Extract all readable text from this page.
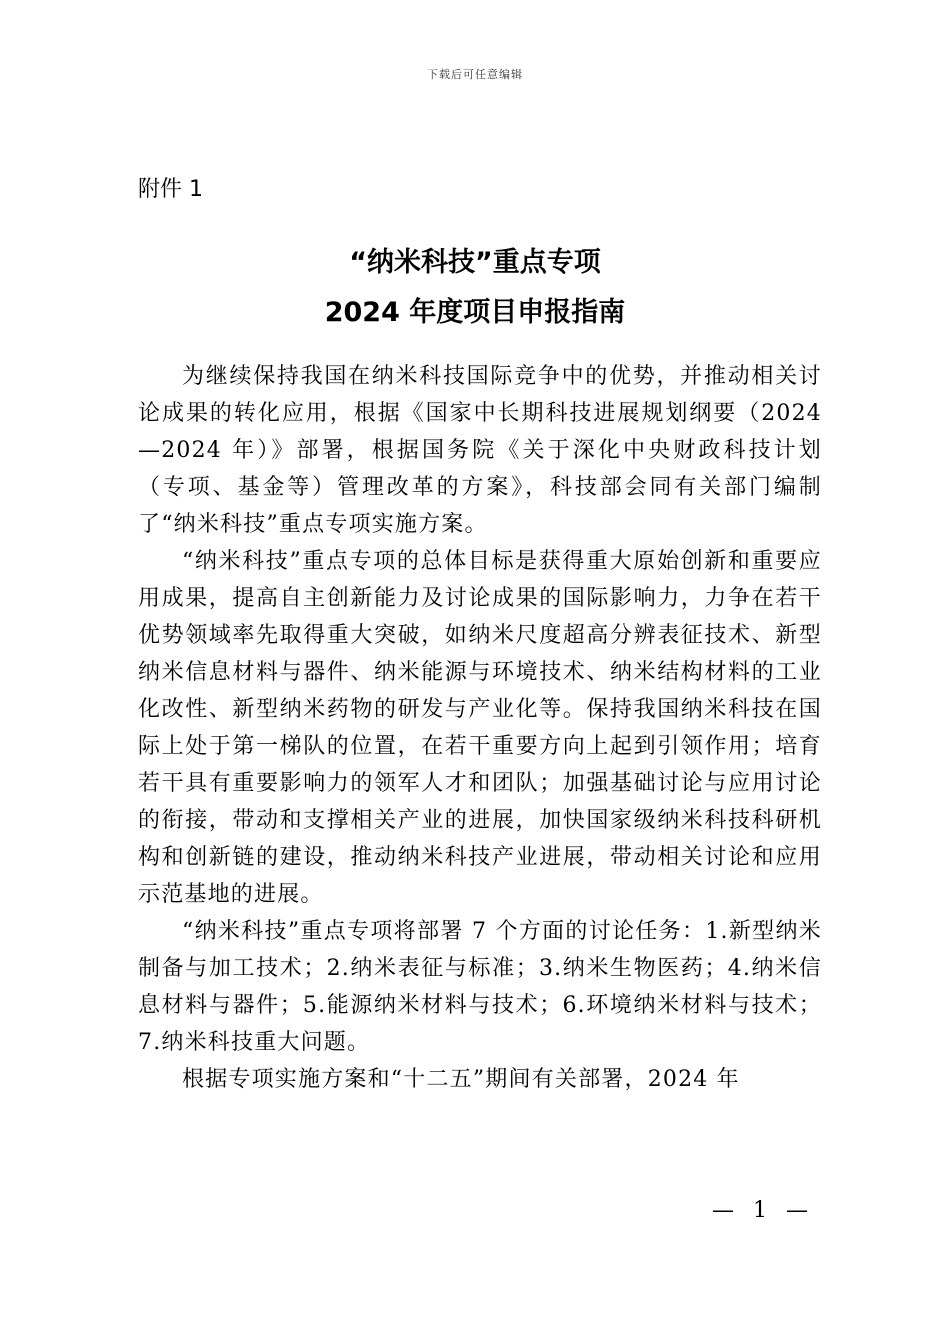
下载后可任意编辑
附件 1
“纳米科技”重点专项
2024 年度项目申报指南

为继续保持我国在纳米科技国际竞争中的优势，并推动相关讨论成果的转化应用，根据《国家中长期科技进展规划纲要（2024—2024 年）》部署，根据国务院《关于深化中央财政科技计划（专项、基金等）管理改革的方案》，科技部会同有关部门编制了“纳米科技”重点专项实施方案。

“纳米科技”重点专项的总体目标是获得重大原始创新和重要应用成果，提高自主创新能力及讨论成果的国际影响力，力争在若干优势领域率先取得重大突破，如纳米尺度超高分辨表征技术、新型纳米信息材料与器件、纳米能源与环境技术、纳米结构材料的工业化改性、新型纳米药物的研发与产业化等。保持我国纳米科技在国际上处于第一梯队的位置，在若干重要方向上起到引领作用；培育若干具有重要影响力的领军人才和团队；加强基础讨论与应用讨论的衔接，带动和支撑相关产业的进展，加快国家级纳米科技科研机构和创新链的建设，推动纳米科技产业进展，带动相关讨论和应用示范基地的进展。

“纳米科技”重点专项将部署 7 个方面的讨论任务：1.新型纳米制备与加工技术；2.纳米表征与标准；3.纳米生物医药；4.纳米信息材料与器件；5.能源纳米材料与技术；6.环境纳米材料与技术；7.纳米科技重大问题。

根据专项实施方案和“十二五”期间有关部署，2024 年

— 1 —
